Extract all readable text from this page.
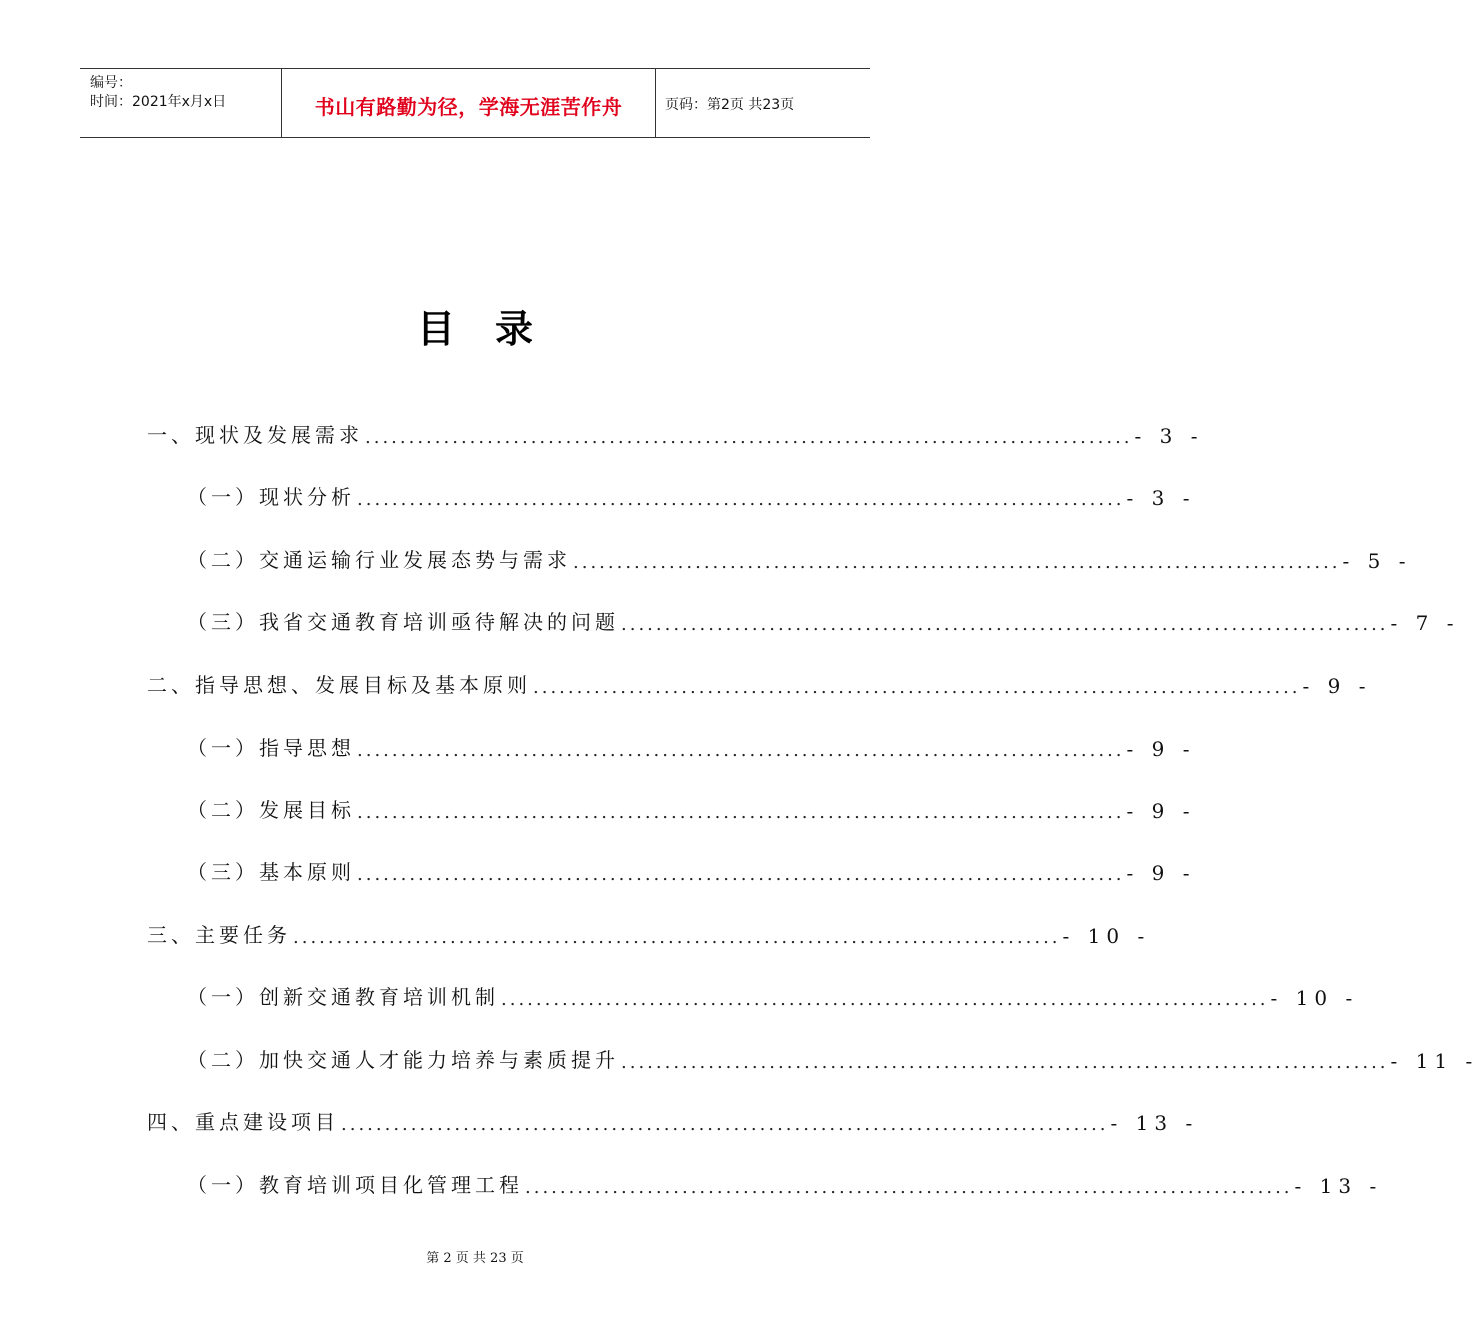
编号：
时间：2021年x月x日	书山有路勤为径，学海无涯苦作舟	页码：第2页 共23页
目录
一、现状及发展需求 ........................................................................................ - 3 -
（一）现状分析 ........................................................................................ - 3 -
（二）交通运输行业发展态势与需求 ........................................................................................ - 5 -
（三）我省交通教育培训亟待解决的问题 ........................................................................................ - 7 -
二、指导思想、发展目标及基本原则 ........................................................................................ - 9 -
（一）指导思想 ........................................................................................ - 9 -
（二）发展目标 ........................................................................................ - 9 -
（三）基本原则 ........................................................................................ - 9 -
三、主要任务 ........................................................................................ - 10 -
（一）创新交通教育培训机制 ........................................................................................ - 10 -
（二）加快交通人才能力培养与素质提升 ........................................................................................ - 11 -
四、重点建设项目 ........................................................................................ - 13 -
（一）教育培训项目化管理工程 ........................................................................................ - 13 -
第 2 页 共 23 页
